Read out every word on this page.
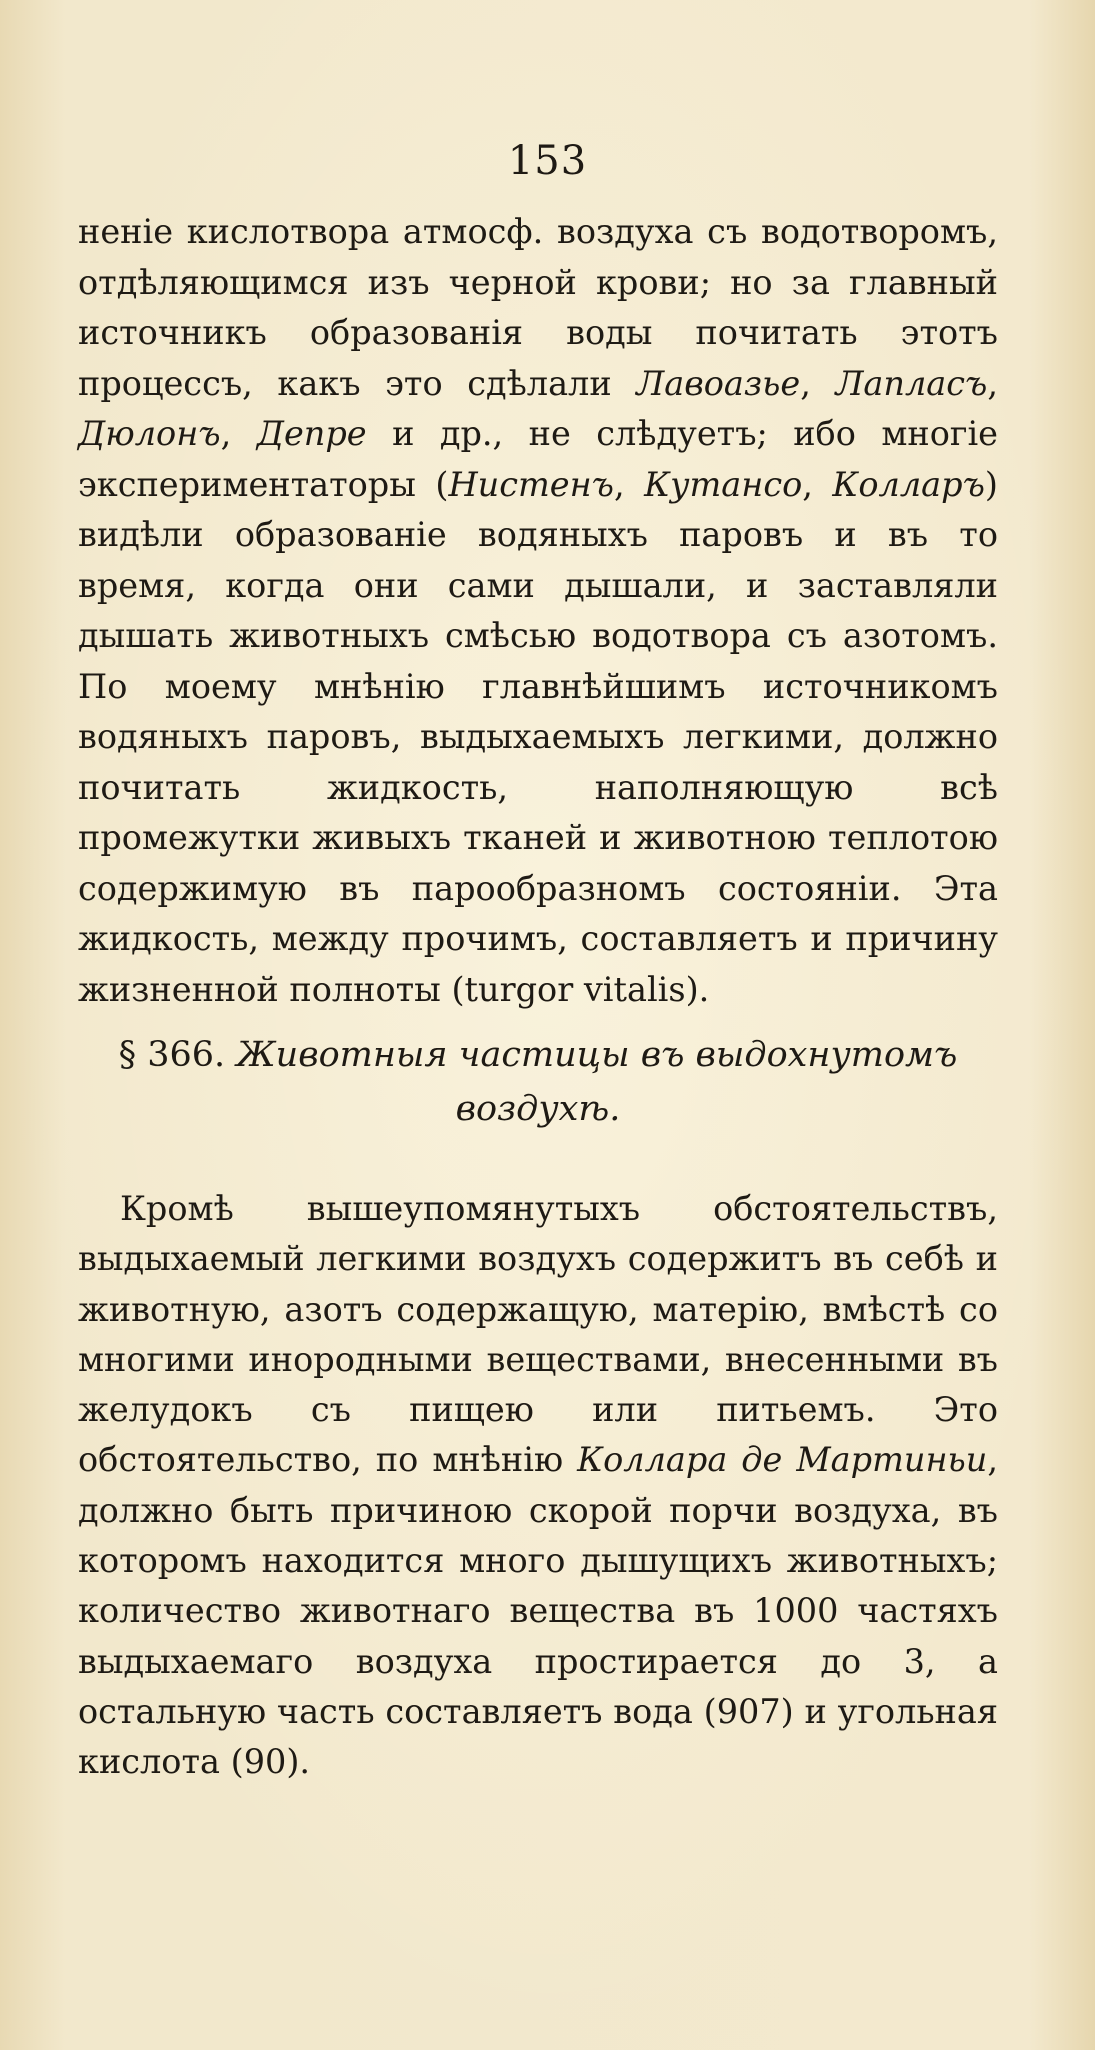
153

неніе кислотвора атмосф. воздуха съ водотворомъ, отдѣляющимся изъ черной крови; но за главный источникъ образованія воды почитать этотъ процессъ, какъ это сдѣлали Лавоазье, Лапласъ, Дюлонъ, Депре и др., не слѣдуетъ; ибо многіе экспериментаторы (Нистенъ, Кутансо, Колларъ) видѣли образованіе водяныхъ паровъ и въ то время, когда они сами дышали, и заставляли дышать животныхъ смѣсью водотвора съ азотомъ. По моему мнѣнію главнѣйшимъ источникомъ водяныхъ паровъ, выдыхаемыхъ легкими, должно почитать жидкость, наполняющую всѣ промежутки живыхъ тканей и животною теплотою содержимую въ парообразномъ состояніи. Эта жидкость, между прочимъ, составляетъ и причину жизненной полноты (turgor vitalis).

§ 366. Животныя частицы въ выдохнутомъ воздухѣ.

Кромѣ вышеупомянутыхъ обстоятельствъ, выдыхаемый легкими воздухъ содержитъ въ себѣ и животную, азотъ содержащую, матерію, вмѣстѣ со многими инородными веществами, внесенными въ желудокъ съ пищею или питьемъ. Это обстоятельство, по мнѣнію Коллара де Мартиньи, должно быть причиною скорой порчи воздуха, въ которомъ находится много дышущихъ животныхъ; количество животнаго вещества въ 1000 частяхъ выдыхаемаго воздуха простирается до 3, а остальную часть составляетъ вода (907) и угольная кислота (90).
